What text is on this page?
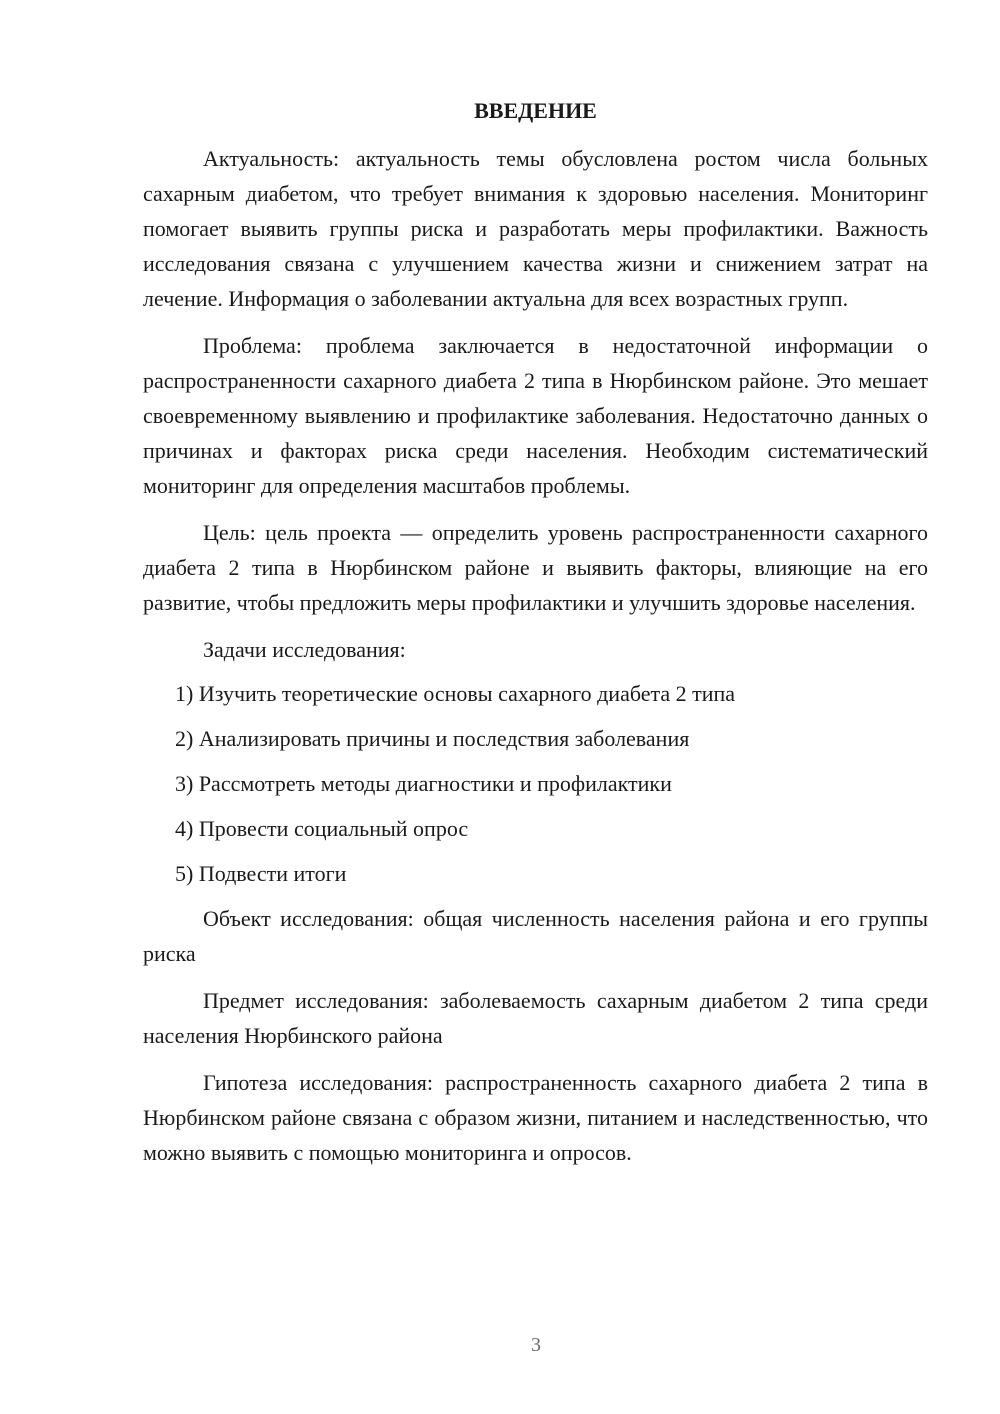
ВВЕДЕНИЕ

Актуальность: актуальность темы обусловлена ростом числа больных сахарным диабетом, что требует внимания к здоровью населения. Мониторинг помогает выявить группы риска и разработать меры профилактики. Важность исследования связана с улучшением качества жизни и снижением затрат на лечение. Информация о заболевании актуальна для всех возрастных групп.

Проблема: проблема заключается в недостаточной информации о распространенности сахарного диабета 2 типа в Нюрбинском районе. Это мешает своевременному выявлению и профилактике заболевания. Недостаточно данных о причинах и факторах риска среди населения. Необходим систематический мониторинг для определения масштабов проблемы.

Цель: цель проекта — определить уровень распространенности сахарного диабета 2 типа в Нюрбинском районе и выявить факторы, влияющие на его развитие, чтобы предложить меры профилактики и улучшить здоровье населения.

Задачи исследования:

1) Изучить теоретические основы сахарного диабета 2 типа
2) Анализировать причины и последствия заболевания
3) Рассмотреть методы диагностики и профилактики
4) Провести социальный опрос
5) Подвести итоги

Объект исследования: общая численность населения района и его группы риска

Предмет исследования: заболеваемость сахарным диабетом 2 типа среди населения Нюрбинского района

Гипотеза исследования: распространенность сахарного диабета 2 типа в Нюрбинском районе связана с образом жизни, питанием и наследственностью, что можно выявить с помощью мониторинга и опросов.

3
